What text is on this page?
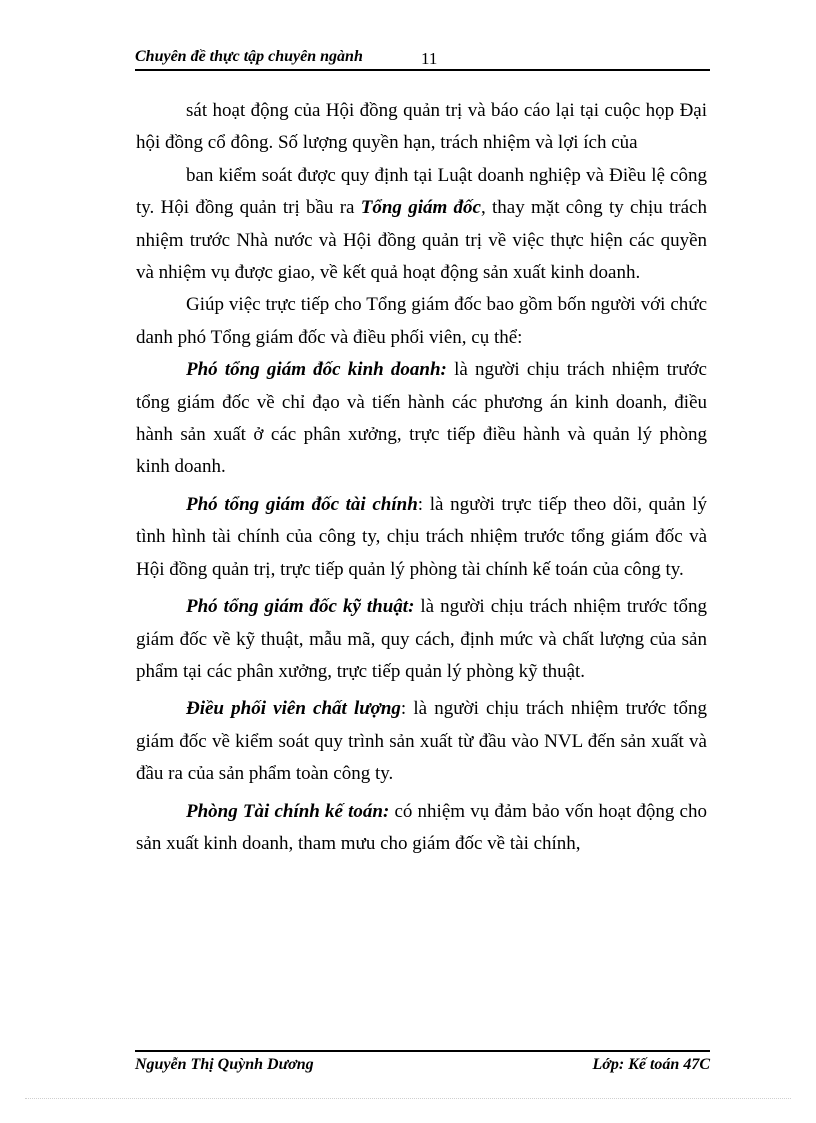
Chuyên đề thực tập chuyên ngành	11

sát hoạt động của Hội đồng quản trị và báo cáo lại tại cuộc họp Đại hội đồng cổ đông. Số lượng quyền hạn, trách nhiệm và lợi ích của

ban kiểm soát được quy định tại Luật doanh nghiệp và Điều lệ công ty. Hội đồng quản trị bầu ra Tổng giám đốc, thay mặt công ty chịu trách nhiệm trước Nhà nước và Hội đồng quản trị về việc thực hiện các quyền và nhiệm vụ được giao, về kết quả hoạt động sản xuất kinh doanh.

Giúp việc trực tiếp cho Tổng giám đốc bao gồm bốn người với chức danh phó Tổng giám đốc và điều phối viên, cụ thể:

Phó tổng giám đốc kinh doanh: là người chịu trách nhiệm trước tổng giám đốc về chỉ đạo và tiến hành các phương án kinh doanh, điều hành sản xuất ở các phân xưởng, trực tiếp điều hành và quản lý phòng kinh doanh.

Phó tổng giám đốc tài chính: là người trực tiếp theo dõi, quản lý tình hình tài chính của công ty, chịu trách nhiệm trước tổng giám đốc và Hội đồng quản trị, trực tiếp quản lý phòng tài chính kế toán của công ty.

Phó tổng giám đốc kỹ thuật: là người chịu trách nhiệm trước tổng giám đốc về kỹ thuật, mẫu mã, quy cách, định mức và chất lượng của sản phẩm tại các phân xưởng, trực tiếp quản lý phòng kỹ thuật.

Điều phối viên chất lượng: là người chịu trách nhiệm trước tổng giám đốc về kiểm soát quy trình sản xuất từ đầu vào NVL đến sản xuất và đầu ra của sản phẩm toàn công ty.

Phòng Tài chính kế toán: có nhiệm vụ đảm bảo vốn hoạt động cho sản xuất kinh doanh, tham mưu cho giám đốc về tài chính,

Nguyễn Thị Quỳnh Dương	Lớp: Kế toán 47C
